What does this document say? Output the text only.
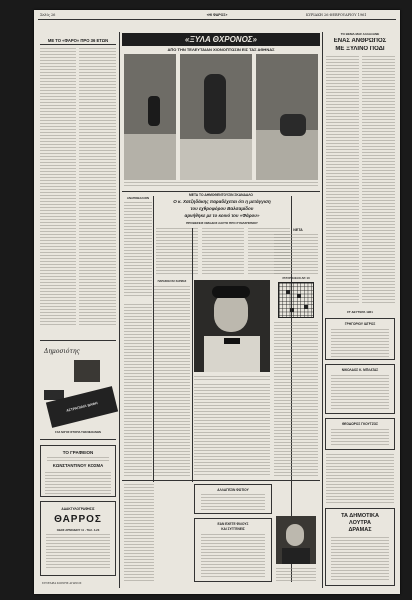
Σελίς 26	«ΗΙ ΦΑΡΟΣ»	ΚΥΡΙΑΚΗ 26 ΦΕΒΡΟΥΑΡΙΟΥ 1961
ΜΕ ΤΟ «ΦΑΡΟ» ΠΡΟ 36 ΕΤΩΝ
Δημοσιότης
ΑΣΤΡΑΠΙΑΙΑ ΒΑΦΗ
ΣΑΣ ΛΟΓΟΣ ΙΣΤΟΡΙΑ ΤΩΝ ΜΗΧΑΝΩΝ
ΤΟ ΓΡΑΦΕΙΟΝ
ΚΩΝΣΤΑΝΤΙΝΟΥ ΚΟΣΜΑ
ΑΔΑΚΤΥΛΟΓΡΑΦΗΣΙΣ
ΘΑΡΡΟΣ
ΟΔΟΣ ΑΡΜΟΔΙΟΥ 11 - ΤΗΛ. 4-23
ΣΥΝΕΔΡΙΑ ΚΟΙΝΗΣ ΑΓΩΝΟΣ
«ΞΥΛΑ ΘΧΡΟΝΟΣ»
ΑΠΟ ΤΗΝ ΤΕΛΕΥΤΑΙΑΝ ΧΙΟΝΟΠΤΩΣΙΝ ΕΙΣ ΤΑΣ ΑΘΗΝΑΣ
ΤΟ ΘΕΜΑ ΜΑΣ ΑΛΛΑΞΑΝΕ
ΕΝΑΣ ΑΝΘΡΩΠΟΣ
ΜΕ ΞΥΛΙΝΟ ΠΟΔΙ
ΜΕΤΑ ΤΟ ΔΗΜΟΘΕΝΤΟΥΣΙΝ ΣΚΑΝΔΑΛΟ
Ο κ. Χατζηδάκης παραδέχεται ότι η μετάγγιση
του εχθροφόρου Βαλσαμίδου
αρνήθηκε με το κοινό του «Φάρου»
ΠΡΟΘΕΣΕΙΣ ΟΜΑΔΟΣ ΛΑΣΤΟ ΠΡΟ ΣΥΝΑΣΠΙΣΜΟΥ
ΑΝΑΠΟΒΑΛΛΟΝ
ΠΑΡΑΣΚΕΥΑΣ ΣΑΡΜΑΣ
ΝΕΤΑ
ΣΤΑΥΡΟΛΕΞΟ ΑΡ. 10
ΑΛΛΑΓΕΣΙΝ ΦΩΤΙΟΥ
ΕΑΝ ΕΧΕΤΕ ΦΙΛΟΥΣ
ΚΑΙ ΣΥΓΓΕΝΕΙΣ
ΣΤ ΔΕΥΤΕΡΑ 1961
ΓΡΗΓΟΡΙΟΥ ΙΑΤΡΟΣ
ΝΙΚΟΛΑΟΣ Κ. ΜΠΛΑΤΑΣ
ΘΕΟΔΩΡΟΣ ΓΚΟΥΤΖΟΣ
ΤΑ ΔΗΜΟΤΙΚΑ
ΛΟΥΤΡΑ
ΔΡΑΜΑΣ
